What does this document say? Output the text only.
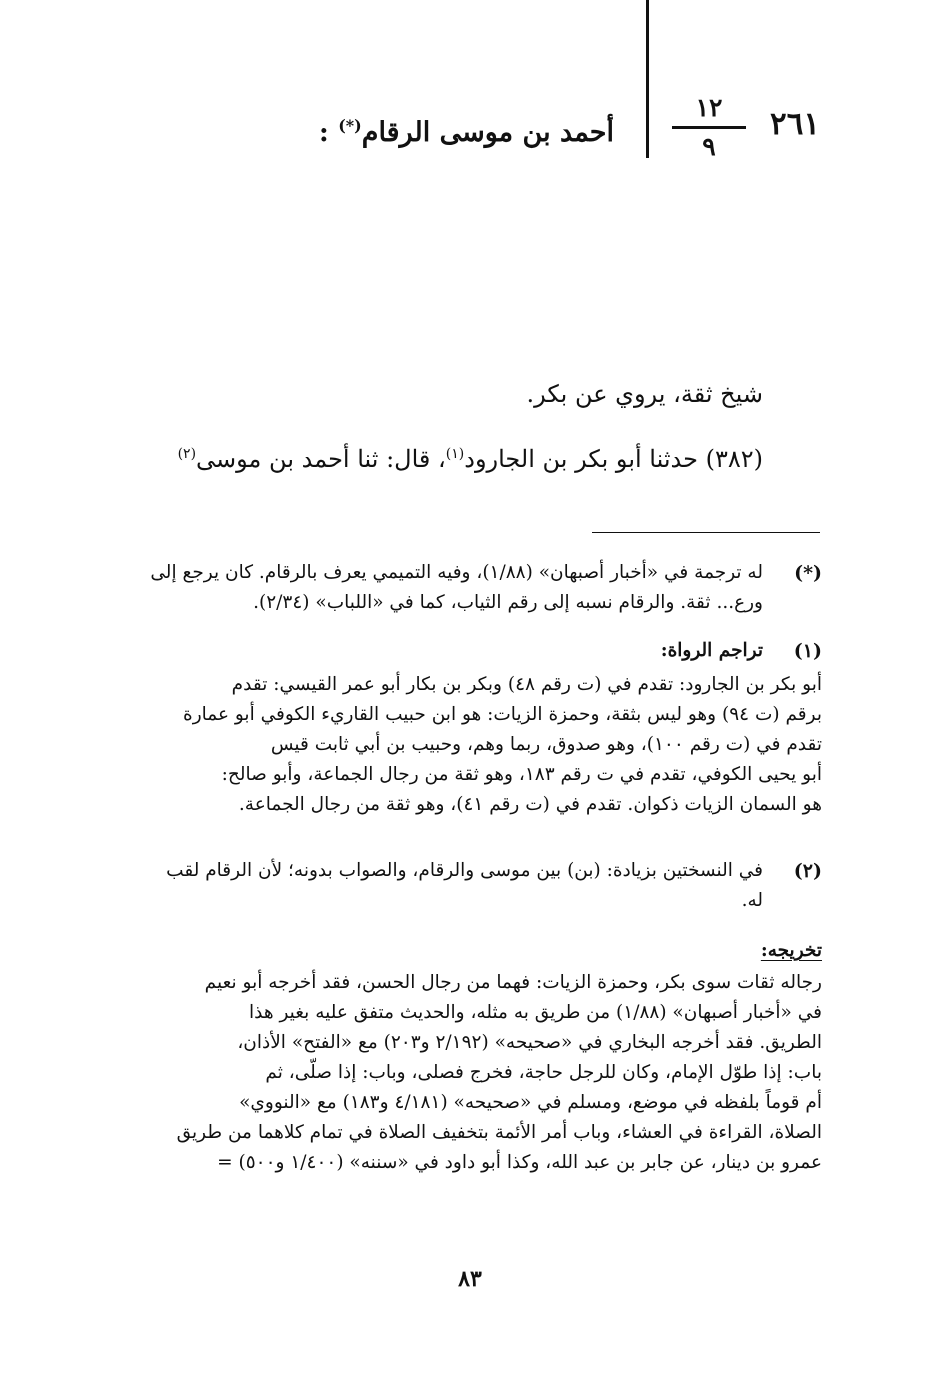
٢٦١
١٢
٩
أحمد بن موسى الرقام(*) :
شيخ ثقة، يروي عن بكر.
(٣٨٢) حدثنا أبو بكر بن الجارود$^{(١)}$، قال: ثنا أحمد بن موسى$^{(٢)}$
(*)
له ترجمة في «أخبار أصبهان» (١/٨٨)، وفيه التميمي يعرف بالرقام. كان يرجع إلى
ورع... ثقة. والرقام نسبه إلى رقم الثياب، كما في «اللباب» (٢/٣٤).
(١)
تراجم الرواة:
أبو بكر بن الجارود: تقدم في (ت رقم ٤٨) وبكر بن بكار أبو عمر القيسي: تقدم
برقم (ت ٩٤) وهو ليس بثقة، وحمزة الزيات: هو ابن حبيب القاريء الكوفي أبو عمارة
تقدم في (ت رقم ١٠٠)، وهو صدوق، ربما وهم، وحبيب بن أبي ثابت قيس
أبو يحيى الكوفي، تقدم في ت رقم ١٨٣، وهو ثقة من رجال الجماعة، وأبو صالح:
هو السمان الزيات ذكوان. تقدم في (ت رقم ٤١)، وهو ثقة من رجال الجماعة.
(٢)
في النسختين بزيادة: (بن) بين موسى والرقام، والصواب بدونه؛ لأن الرقام لقب
له.
تخريجه:
رجاله ثقات سوى بكر، وحمزة الزيات: فهما من رجال الحسن، فقد أخرجه أبو نعيم
في «أخبار أصبهان» (١/٨٨) من طريق به مثله، والحديث متفق عليه بغير هذا
الطريق. فقد أخرجه البخاري في «صحيحه» (٢/١٩٢ و٢٠٣) مع «الفتح» الأذان،
باب: إذا طوّل الإمام، وكان للرجل حاجة، فخرج فصلى، وباب: إذا صلّى، ثم
أم قوماً بلفظه في موضع، ومسلم في «صحيحه» (٤/١٨١ و١٨٣) مع «النووي»
الصلاة، القراءة في العشاء، وباب أمر الأئمة بتخفيف الصلاة في تمام كلاهما من طريق
عمرو بن دينار، عن جابر بن عبد الله، وكذا أبو داود في «سننه» (١/٤٠٠ و٥٠٠) =
٨٣
